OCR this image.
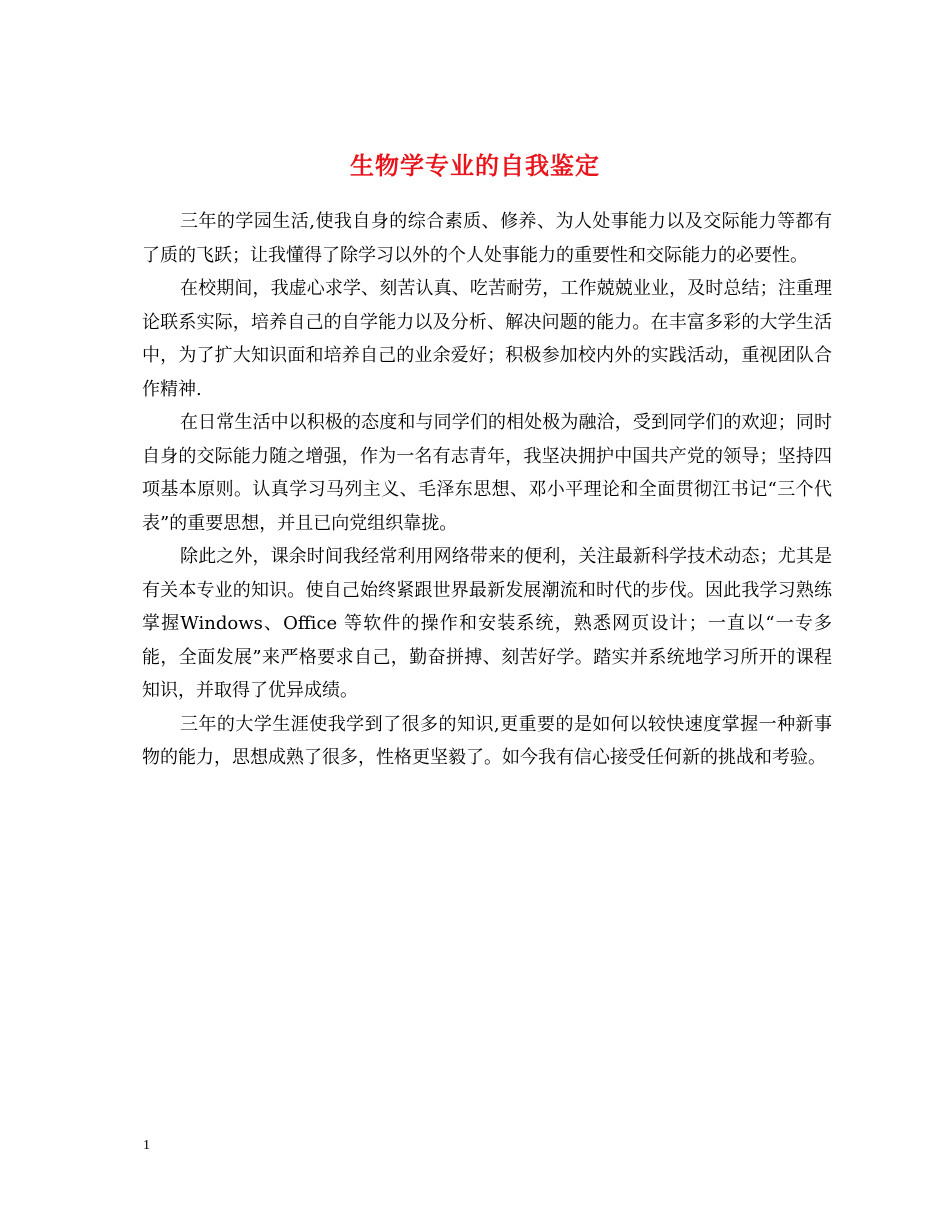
生物学专业的自我鉴定

三年的学园生活,使我自身的综合素质、修养、为人处事能力以及交际能力等都有了质的飞跃；让我懂得了除学习以外的个人处事能力的重要性和交际能力的必要性。

在校期间，我虚心求学、刻苦认真、吃苦耐劳，工作兢兢业业，及时总结；注重理论联系实际，培养自己的自学能力以及分析、解决问题的能力。在丰富多彩的大学生活中，为了扩大知识面和培养自己的业余爱好；积极参加校内外的实践活动，重视团队合作精神.

在日常生活中以积极的态度和与同学们的相处极为融洽，受到同学们的欢迎；同时自身的交际能力随之增强，作为一名有志青年，我坚决拥护中国共产党的领导；坚持四项基本原则。认真学习马列主义、毛泽东思想、邓小平理论和全面贯彻江书记“三个代表”的重要思想，并且已向党组织靠拢。

除此之外，课余时间我经常利用网络带来的便利，关注最新科学技术动态；尤其是有关本专业的知识。使自己始终紧跟世界最新发展潮流和时代的步伐。因此我学习熟练掌握Windows、Office 等软件的操作和安装系统，熟悉网页设计；一直以“一专多能，全面发展”来严格要求自己，勤奋拼搏、刻苦好学。踏实并系统地学习所开的课程知识，并取得了优异成绩。

三年的大学生涯使我学到了很多的知识,更重要的是如何以较快速度掌握一种新事物的能力，思想成熟了很多，性格更坚毅了。如今我有信心接受任何新的挑战和考验。

1
